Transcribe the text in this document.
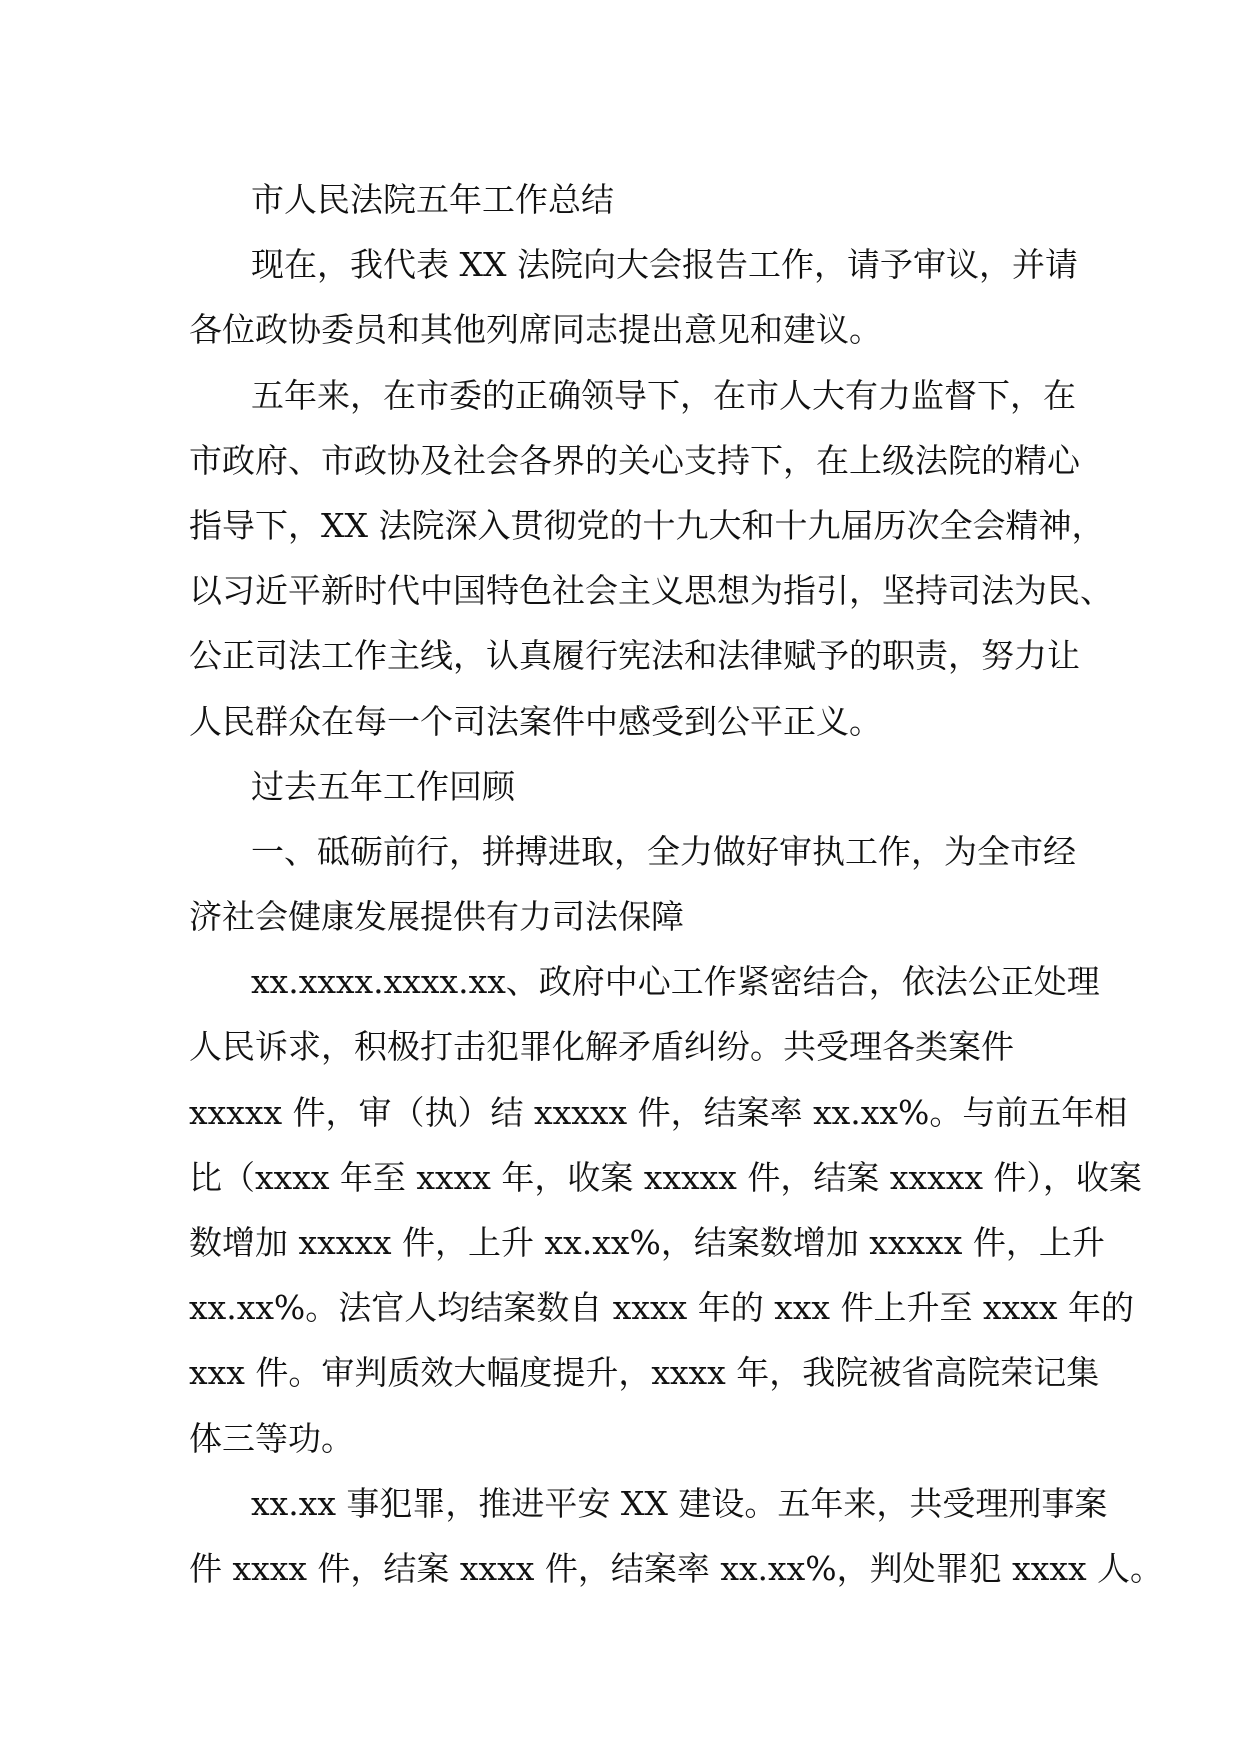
市人民法院五年工作总结
现在，我代表 XX 法院向大会报告工作，请予审议，并请
各位政协委员和其他列席同志提出意见和建议。
五年来，在市委的正确领导下，在市人大有力监督下，在
市政府、市政协及社会各界的关心支持下，在上级法院的精心
指导下，XX 法院深入贯彻党的十九大和十九届历次全会精神，
以习近平新时代中国特色社会主义思想为指引，坚持司法为民、
公正司法工作主线，认真履行宪法和法律赋予的职责，努力让
人民群众在每一个司法案件中感受到公平正义。
过去五年工作回顾
一、砥砺前行，拼搏进取，全力做好审执工作，为全市经
济社会健康发展提供有力司法保障
xx.xxxx.xxxx.xx、政府中心工作紧密结合，依法公正处理
人民诉求，积极打击犯罪化解矛盾纠纷。共受理各类案件
xxxxx 件，审（执）结 xxxxx 件，结案率 xx.xx%。与前五年相
比（xxxx 年至 xxxx 年，收案 xxxxx 件，结案 xxxxx 件），收案
数增加 xxxxx 件，上升 xx.xx%，结案数增加 xxxxx 件，上升
xx.xx%。法官人均结案数自 xxxx 年的 xxx 件上升至 xxxx 年的
xxx 件。审判质效大幅度提升，xxxx 年，我院被省高院荣记集
体三等功。
xx.xx 事犯罪，推进平安 XX 建设。五年来，共受理刑事案
件 xxxx 件，结案 xxxx 件，结案率 xx.xx%，判处罪犯 xxxx 人。
